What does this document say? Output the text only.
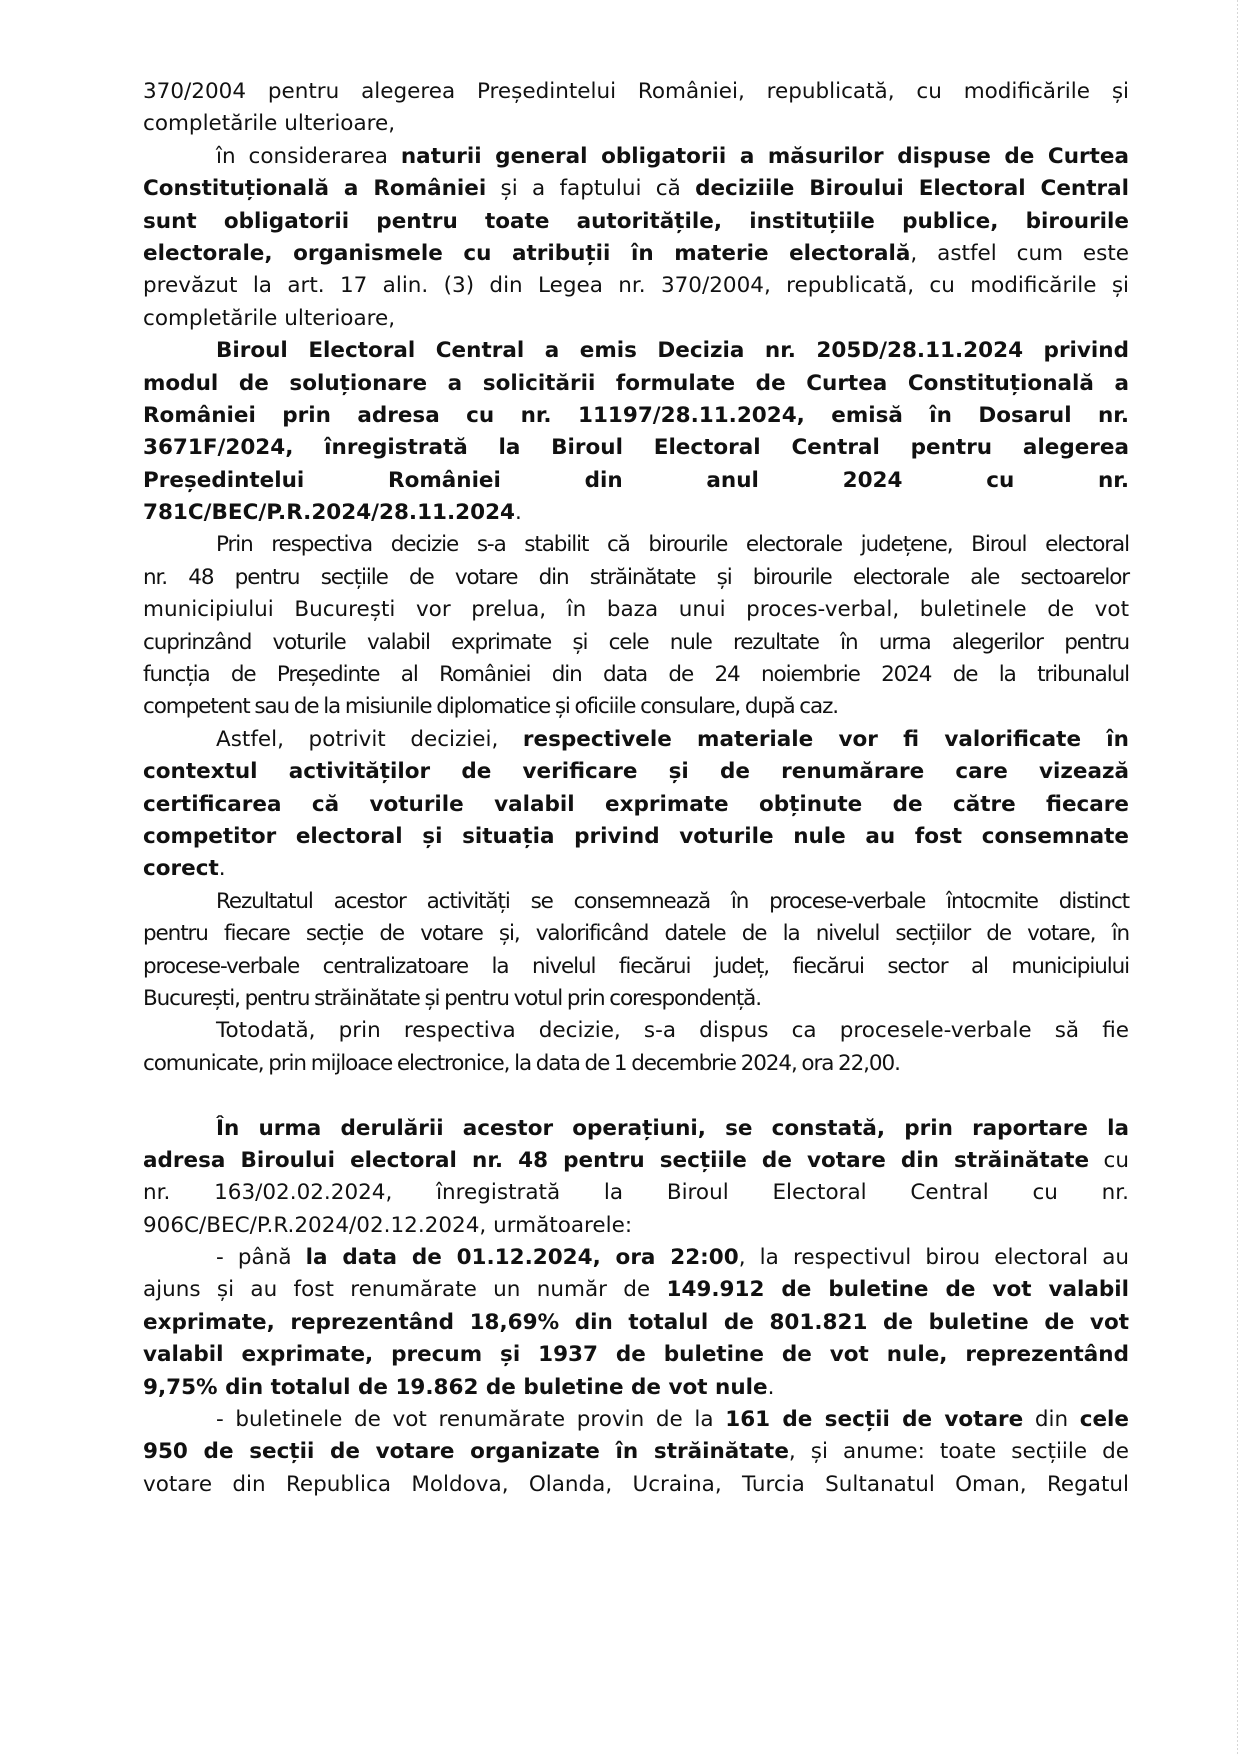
370/2004 pentru alegerea Președintelui României, republicată, cu modificările și
completările ulterioare,
în considerarea naturii general obligatorii a măsurilor dispuse de Curtea
Constituțională a României și a faptului că deciziile Biroului Electoral Central
sunt obligatorii pentru toate autoritățile, instituțiile publice, birourile
electorale, organismele cu atribuții în materie electorală, astfel cum este
prevăzut la art. 17 alin. (3) din Legea nr. 370/2004, republicată, cu modificările și
completările ulterioare,
Biroul Electoral Central a emis Decizia nr. 205D/28.11.2024 privind
modul de soluționare a solicitării formulate de Curtea Constituțională a
României prin adresa cu nr. 11197/28.11.2024, emisă în Dosarul nr.
3671F/2024, înregistrată la Biroul Electoral Central pentru alegerea
Președintelui României din anul 2024 cu nr.
781C/BEC/P.R.2024/28.11.2024.
Prin respectiva decizie s-a stabilit că birourile electorale județene, Biroul electoral
nr. 48 pentru secțiile de votare din străinătate și birourile electorale ale sectoarelor
municipiului București vor prelua, în baza unui proces-verbal, buletinele de vot
cuprinzând voturile valabil exprimate și cele nule rezultate în urma alegerilor pentru
funcția de Președinte al României din data de 24 noiembrie 2024 de la tribunalul
competent sau de la misiunile diplomatice și oficiile consulare, după caz.
Astfel, potrivit deciziei, respectivele materiale vor fi valorificate în
contextul activităților de verificare și de renumărare care vizează
certificarea că voturile valabil exprimate obținute de către fiecare
competitor electoral și situația privind voturile nule au fost consemnate
corect.
Rezultatul acestor activități se consemnează în procese-verbale întocmite distinct
pentru fiecare secție de votare și, valorificând datele de la nivelul secțiilor de votare, în
procese-verbale centralizatoare la nivelul fiecărui județ, fiecărui sector al municipiului
București, pentru străinătate și pentru votul prin corespondență.
Totodată, prin respectiva decizie, s-a dispus ca procesele-verbale să fie
comunicate, prin mijloace electronice, la data de 1 decembrie 2024, ora 22,00.
În urma derulării acestor operațiuni, se constată, prin raportare la
adresa Biroului electoral nr. 48 pentru secțiile de votare din străinătate cu
nr. 163/02.02.2024, înregistrată la Biroul Electoral Central cu nr.
906C/BEC/P.R.2024/02.12.2024, următoarele:
- până la data de 01.12.2024, ora 22:00, la respectivul birou electoral au
ajuns și au fost renumărate un număr de 149.912 de buletine de vot valabil
exprimate, reprezentând 18,69% din totalul de 801.821 de buletine de vot
valabil exprimate, precum și 1937 de buletine de vot nule, reprezentând
9,75% din totalul de 19.862 de buletine de vot nule.
- buletinele de vot renumărate provin de la 161 de secții de votare din cele
950 de secții de votare organizate în străinătate, și anume: toate secțiile de
votare din Republica Moldova, Olanda, Ucraina, Turcia Sultanatul Oman, Regatul
